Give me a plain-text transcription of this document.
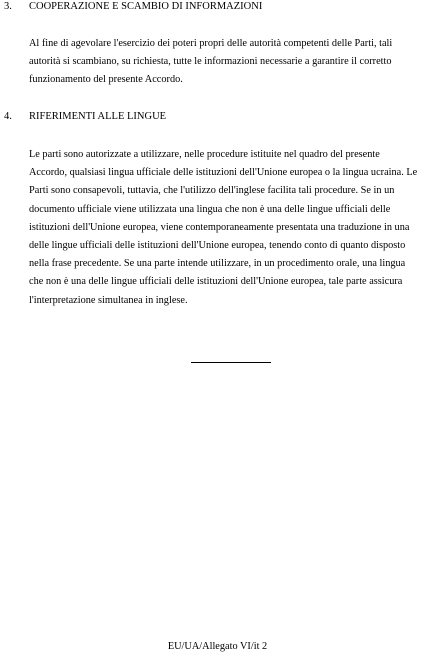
3. COOPERAZIONE E SCAMBIO DI INFORMAZIONI

Al fine di agevolare l'esercizio dei poteri propri delle autorità competenti delle Parti, tali
autorità si scambiano, su richiesta, tutte le informazioni necessarie a garantire il corretto
funzionamento del presente Accordo.

4. RIFERIMENTI ALLE LINGUE

Le parti sono autorizzate a utilizzare, nelle procedure istituite nel quadro del presente
Accordo, qualsiasi lingua ufficiale delle istituzioni dell'Unione europea o la lingua ucraina. Le
Parti sono consapevoli, tuttavia, che l'utilizzo dell'inglese facilita tali procedure. Se in un
documento ufficiale viene utilizzata una lingua che non è una delle lingue ufficiali delle
istituzioni dell'Unione europea, viene contemporaneamente presentata una traduzione in una
delle lingue ufficiali delle istituzioni dell'Unione europea, tenendo conto di quanto disposto
nella frase precedente. Se una parte intende utilizzare, in un procedimento orale, una lingua
che non è una delle lingue ufficiali delle istituzioni dell'Unione europea, tale parte assicura
l'interpretazione simultanea in inglese.

EU/UA/Allegato VI/it 2
